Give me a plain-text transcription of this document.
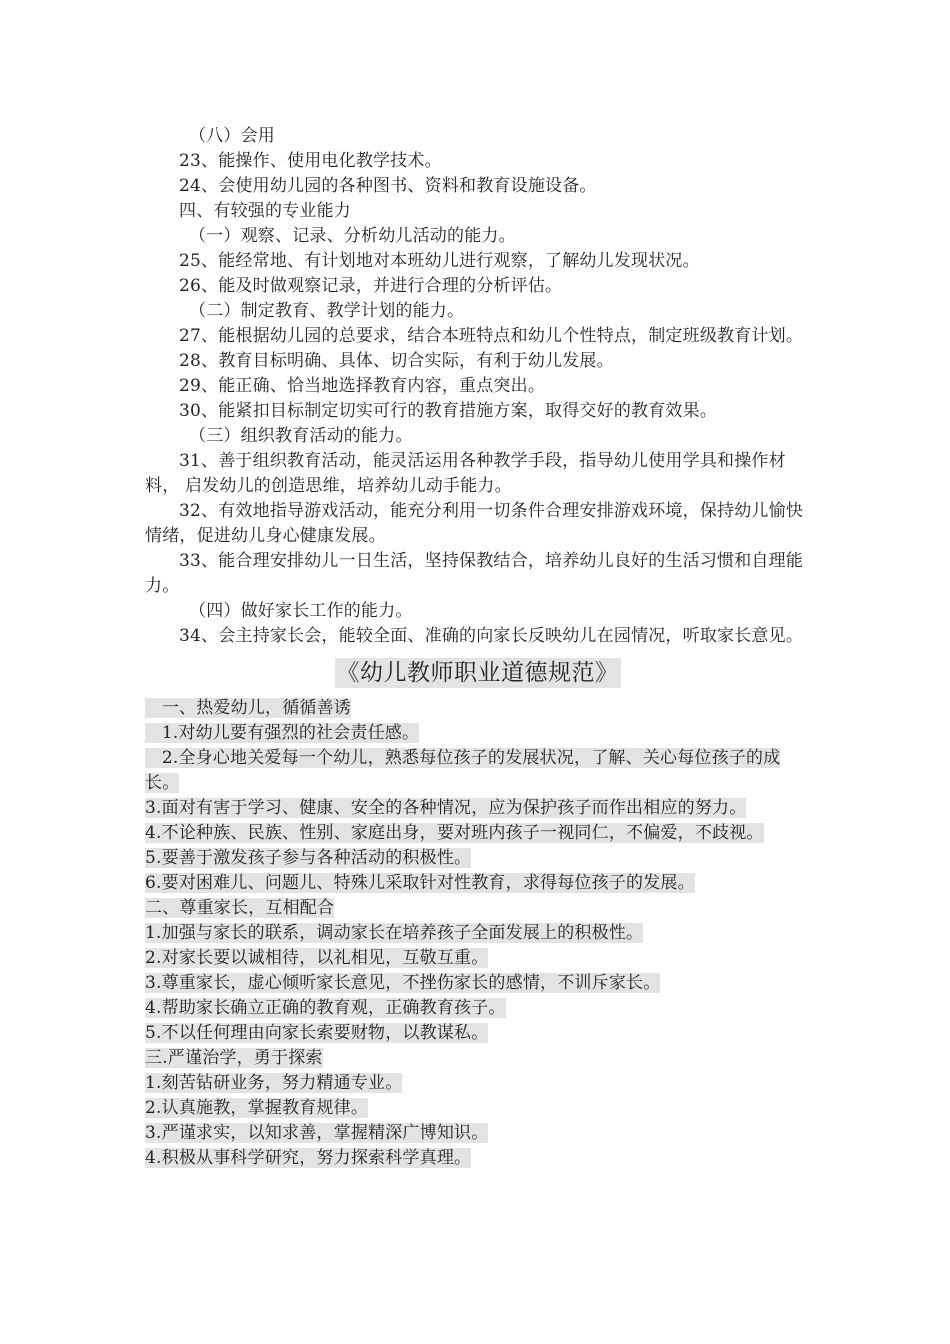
（八）会用

23、能操作、使用电化教学技术。

24、会使用幼儿园的各种图书、资料和教育设施设备。

四、有较强的专业能力

（一）观察、记录、分析幼儿活动的能力。

25、能经常地、有计划地对本班幼儿进行观察，了解幼儿发现状况。

26、能及时做观察记录，并进行合理的分析评估。

（二）制定教育、教学计划的能力。

27、能根据幼儿园的总要求，结合本班特点和幼儿个性特点，制定班级教育计划。

28、教育目标明确、具体、切合实际，有利于幼儿发展。

29、能正确、恰当地选择教育内容，重点突出。

30、能紧扣目标制定切实可行的教育措施方案，取得交好的教育效果。

（三）组织教育活动的能力。

31、善于组织教育活动，能灵活运用各种教学手段，指导幼儿使用学具和操作材料， 启发幼儿的创造思维，培养幼儿动手能力。

32、有效地指导游戏活动，能充分利用一切条件合理安排游戏环境，保持幼儿愉快 情绪，促进幼儿身心健康发展。

33、能合理安排幼儿一日生活，坚持保教结合，培养幼儿良好的生活习惯和自理能 力。

（四）做好家长工作的能力。

34、会主持家长会，能较全面、准确的向家长反映幼儿在园情况，听取家长意见。

《幼儿教师职业道德规范》

一、热爱幼儿，循循善诱

1.对幼儿要有强烈的社会责任感。

2.全身心地关爱每一个幼儿，熟悉每位孩子的发展状况，了解、关心每位孩子的成长。

3.面对有害于学习、健康、安全的各种情况，应为保护孩子而作出相应的努力。

4.不论种族、民族、性别、家庭出身，要对班内孩子一视同仁，不偏爱，不歧视。

5.要善于激发孩子参与各种活动的积极性。

6.要对困难儿、问题儿、特殊儿采取针对性教育，求得每位孩子的发展。

二、尊重家长，互相配合

1.加强与家长的联系，调动家长在培养孩子全面发展上的积极性。

2.对家长要以诚相待，以礼相见，互敬互重。

3.尊重家长，虚心倾听家长意见，不挫伤家长的感情，不训斥家长。

4.帮助家长确立正确的教育观，正确教育孩子。

5.不以任何理由向家长索要财物，以教谋私。

三.严谨治学，勇于探索

1.刻苦钻研业务，努力精通专业。

2.认真施教，掌握教育规律。

3.严谨求实，以知求善，掌握精深广博知识。

4.积极从事科学研究，努力探索科学真理。
